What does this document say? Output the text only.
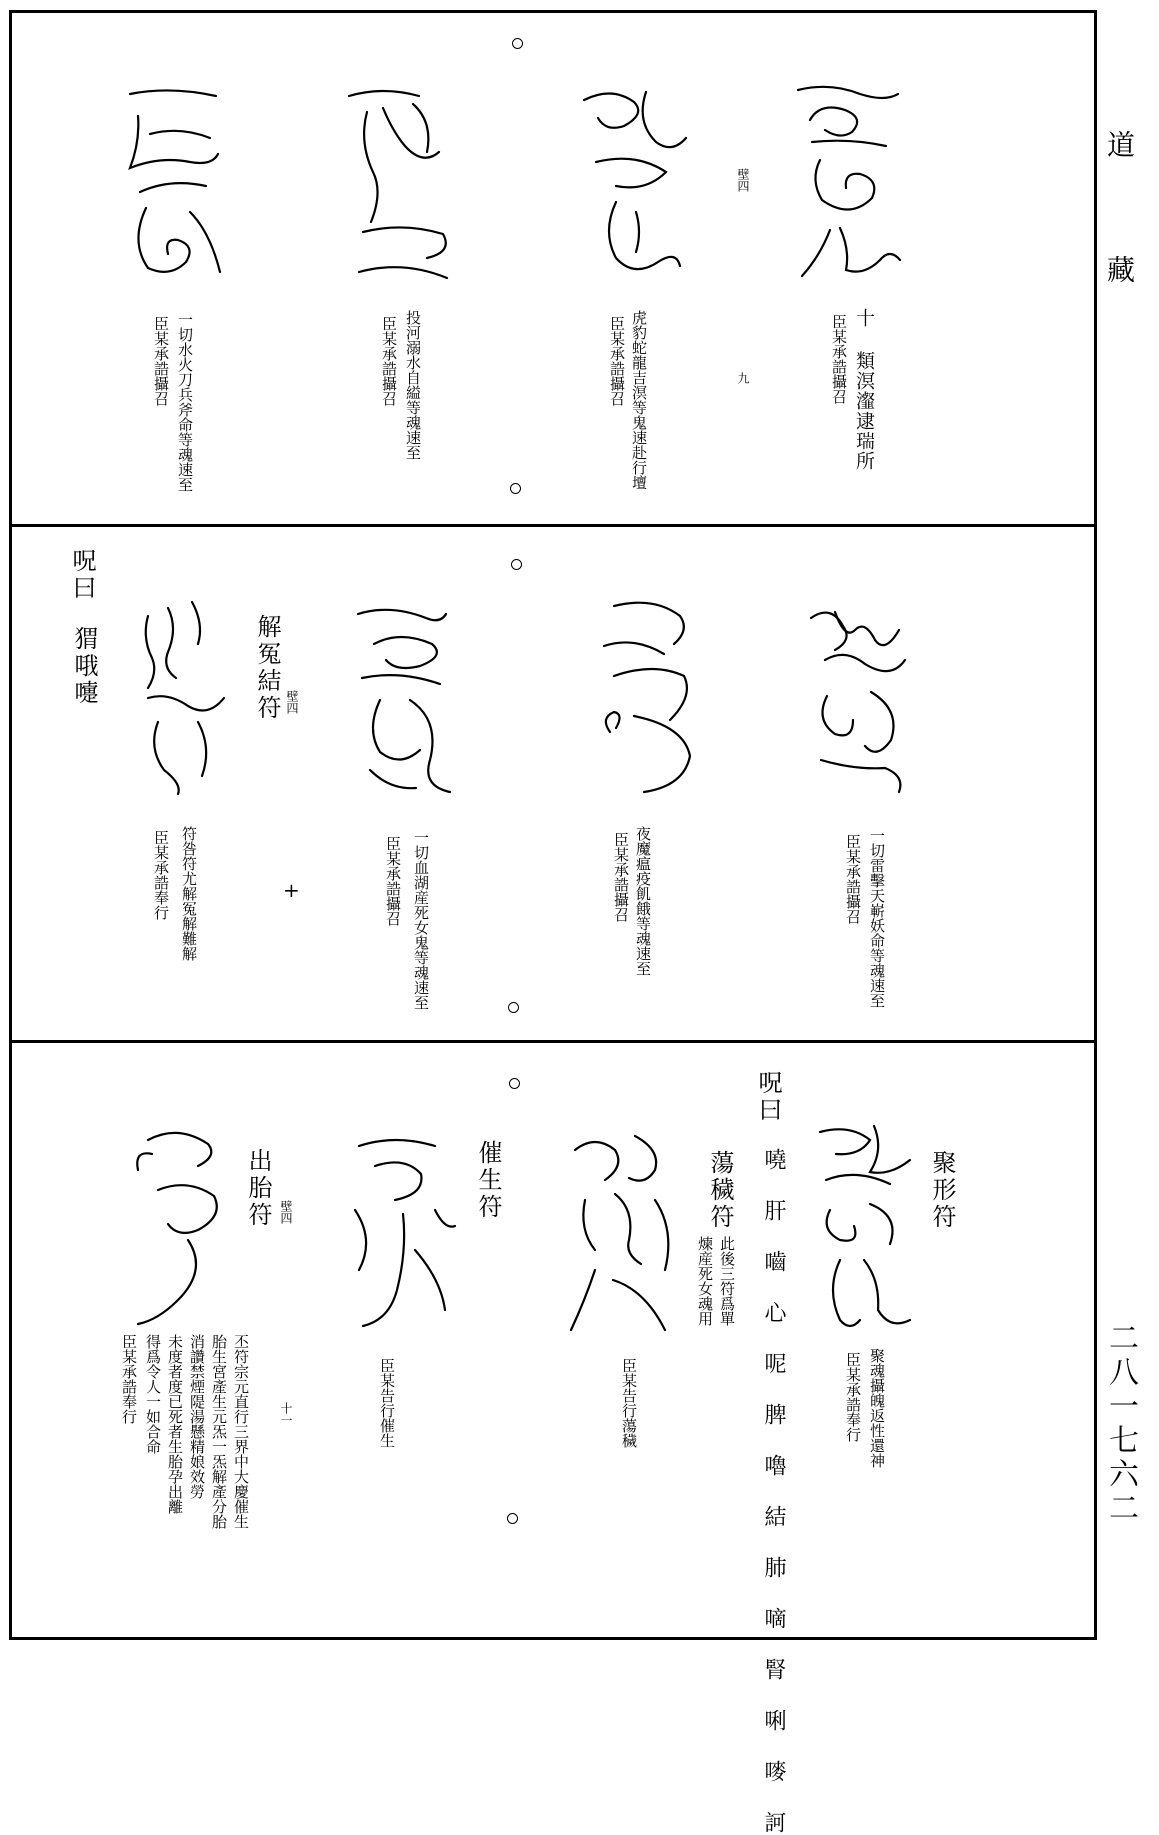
道
藏
二八一七六二
十 類溟瀣逮瑞所
臣某承誥攝召
壁四
九
虎豹蛇龍吉溟等鬼速赴行壇
臣某承誥攝召
投河溺水自縊等魂速至
臣某承誥攝召
一切水火刀兵斧命等魂速至
臣某承誥攝召
一切雷擊天嶄妖命等魂速至
臣某承誥攝召
夜魔瘟疫飢餓等魂速至
臣某承誥攝召
一切血湖産死女鬼等魂速至
臣某承誥攝召
解冤結符 壁四
符咎符尤解冤解難解
臣某承誥奉行	+
呪曰
猬哦嚏
聚形符
聚魂攝魄返性還神
臣某承誥奉行
呪曰
嘵 肝 嚙 心 呢 脾 嚕 結 肺 嘀 腎 唎 嘜 訶
蕩穢符
此後三符爲單
煉産死女魂用
臣某告行蕩穢
催生符
臣某告行催生
出胎符 壁四
十一
丕符宗元直行三界中大慶催生
胎生宮產生元炁一炁解產分胎
消讚禁煙隄湯懸精娘效勞
未度者度已死者生胎孕出離
得爲令人一如合命
臣某承誥奉行
